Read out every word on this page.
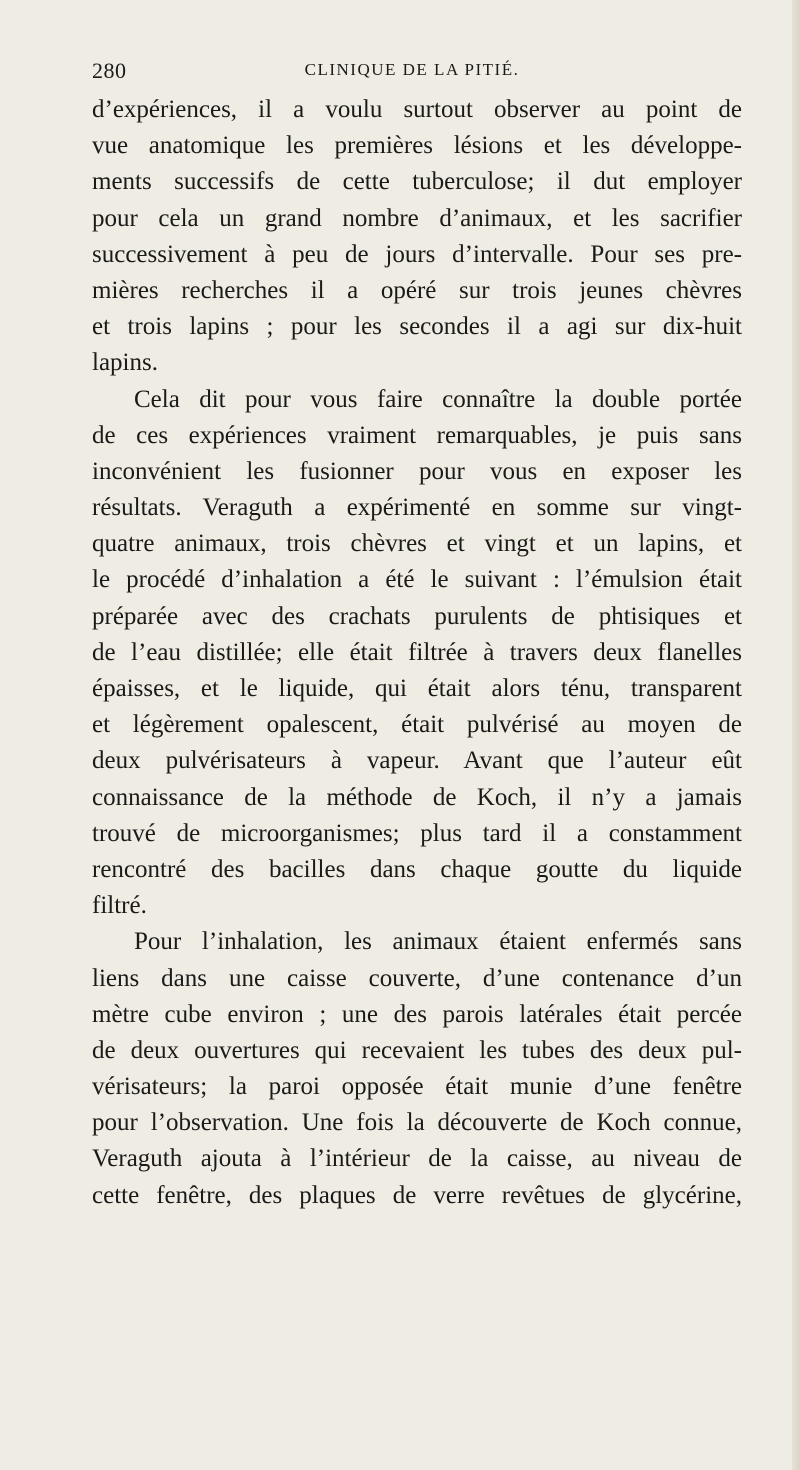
280	CLINIQUE DE LA PITIÉ.
d’expériences, il a voulu surtout observer au point de
vue anatomique les premières lésions et les développe-
ments successifs de cette tuberculose; il dut employer
pour cela un grand nombre d’animaux, et les sacrifier
successivement à peu de jours d’intervalle. Pour ses pre-
mières recherches il a opéré sur trois jeunes chèvres
et trois lapins ; pour les secondes il a agi sur dix-huit
lapins.
Cela dit pour vous faire connaître la double portée
de ces expériences vraiment remarquables, je puis sans
inconvénient les fusionner pour vous en exposer les
résultats. Veraguth a expérimenté en somme sur vingt-
quatre animaux, trois chèvres et vingt et un lapins, et
le procédé d’inhalation a été le suivant : l’émulsion était
préparée avec des crachats purulents de phtisiques et
de l’eau distillée; elle était filtrée à travers deux flanelles
épaisses, et le liquide, qui était alors ténu, transparent
et légèrement opalescent, était pulvérisé au moyen de
deux pulvérisateurs à vapeur. Avant que l’auteur eût
connaissance de la méthode de Koch, il n’y a jamais
trouvé de microorganismes; plus tard il a constamment
rencontré des bacilles dans chaque goutte du liquide
filtré.
Pour l’inhalation, les animaux étaient enfermés sans
liens dans une caisse couverte, d’une contenance d’un
mètre cube environ ; une des parois latérales était percée
de deux ouvertures qui recevaient les tubes des deux pul-
vérisateurs; la paroi opposée était munie d’une fenêtre
pour l’observation. Une fois la découverte de Koch connue,
Veraguth ajouta à l’intérieur de la caisse, au niveau de
cette fenêtre, des plaques de verre revêtues de glycérine,
